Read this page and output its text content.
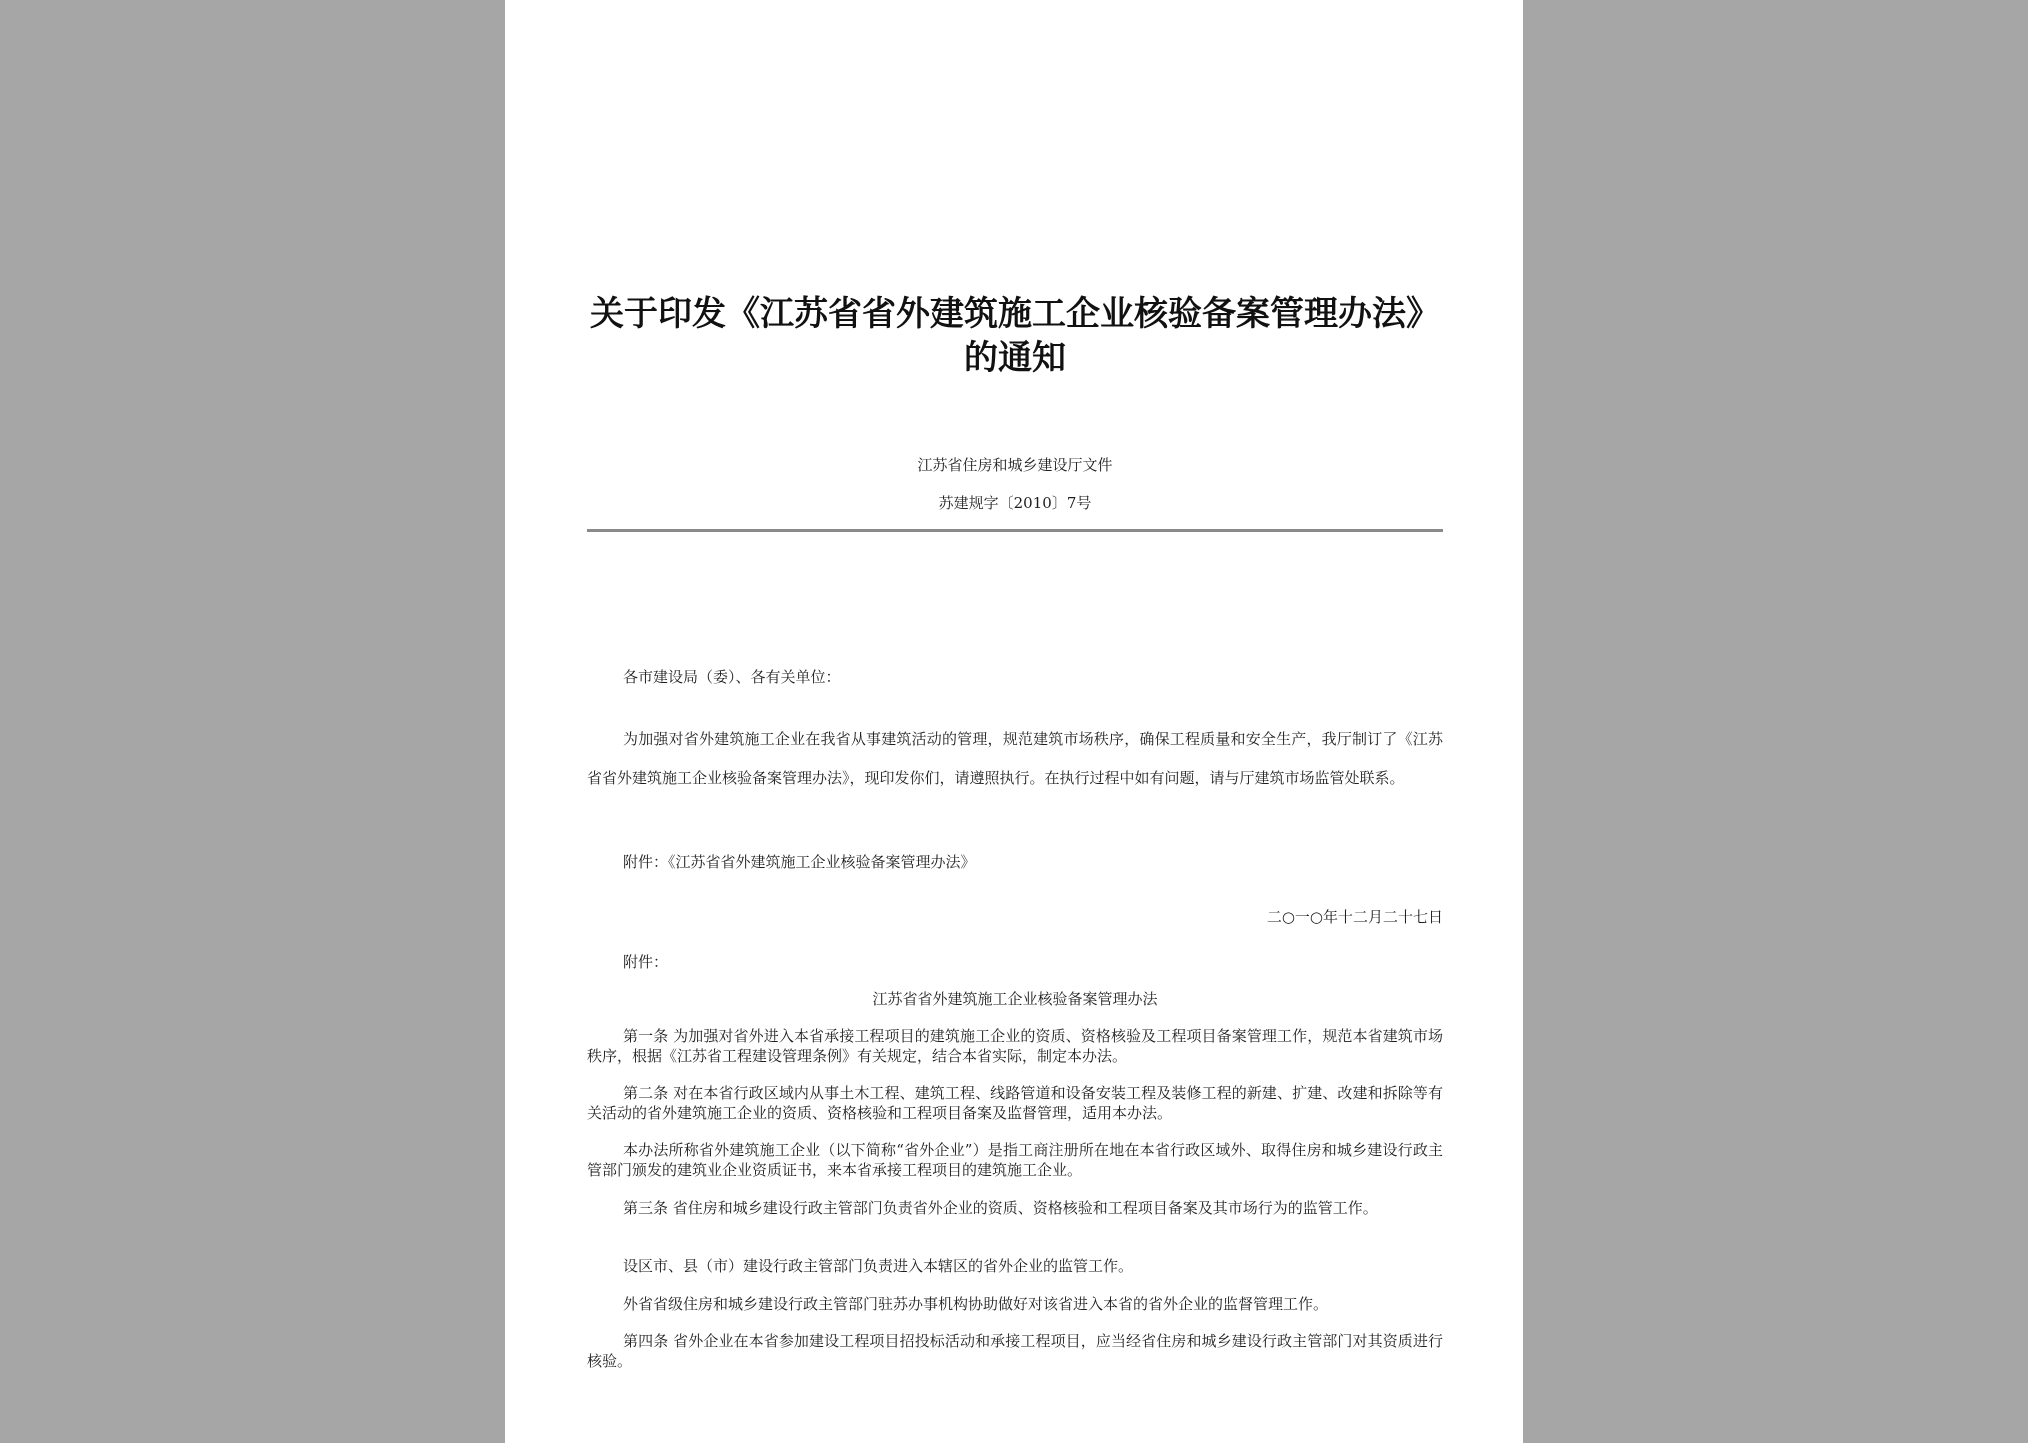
关于印发《江苏省省外建筑施工企业核验备案管理办法》的通知
江苏省住房和城乡建设厅文件
苏建规字〔2010〕7号

各市建设局（委）、各有关单位：

为加强对省外建筑施工企业在我省从事建筑活动的管理，规范建筑市场秩序，确保工程质量和安全生产，我厅制订了《江苏省省外建筑施工企业核验备案管理办法》，现印发你们，请遵照执行。在执行过程中如有问题，请与厅建筑市场监管处联系。

附件：《江苏省省外建筑施工企业核验备案管理办法》

二○一○年十二月二十七日

附件：

江苏省省外建筑施工企业核验备案管理办法

第一条 为加强对省外进入本省承接工程项目的建筑施工企业的资质、资格核验及工程项目备案管理工作，规范本省建筑市场秩序，根据《江苏省工程建设管理条例》有关规定，结合本省实际，制定本办法。

第二条 对在本省行政区域内从事土木工程、建筑工程、线路管道和设备安装工程及装修工程的新建、扩建、改建和拆除等有关活动的省外建筑施工企业的资质、资格核验和工程项目备案及监督管理，适用本办法。

本办法所称省外建筑施工企业（以下简称“省外企业”）是指工商注册所在地在本省行政区域外、取得住房和城乡建设行政主管部门颁发的建筑业企业资质证书，来本省承接工程项目的建筑施工企业。

第三条 省住房和城乡建设行政主管部门负责省外企业的资质、资格核验和工程项目备案及其市场行为的监管工作。

设区市、县（市）建设行政主管部门负责进入本辖区的省外企业的监管工作。

外省省级住房和城乡建设行政主管部门驻苏办事机构协助做好对该省进入本省的省外企业的监督管理工作。

第四条 省外企业在本省参加建设工程项目招投标活动和承接工程项目，应当经省住房和城乡建设行政主管部门对其资质进行核验。
